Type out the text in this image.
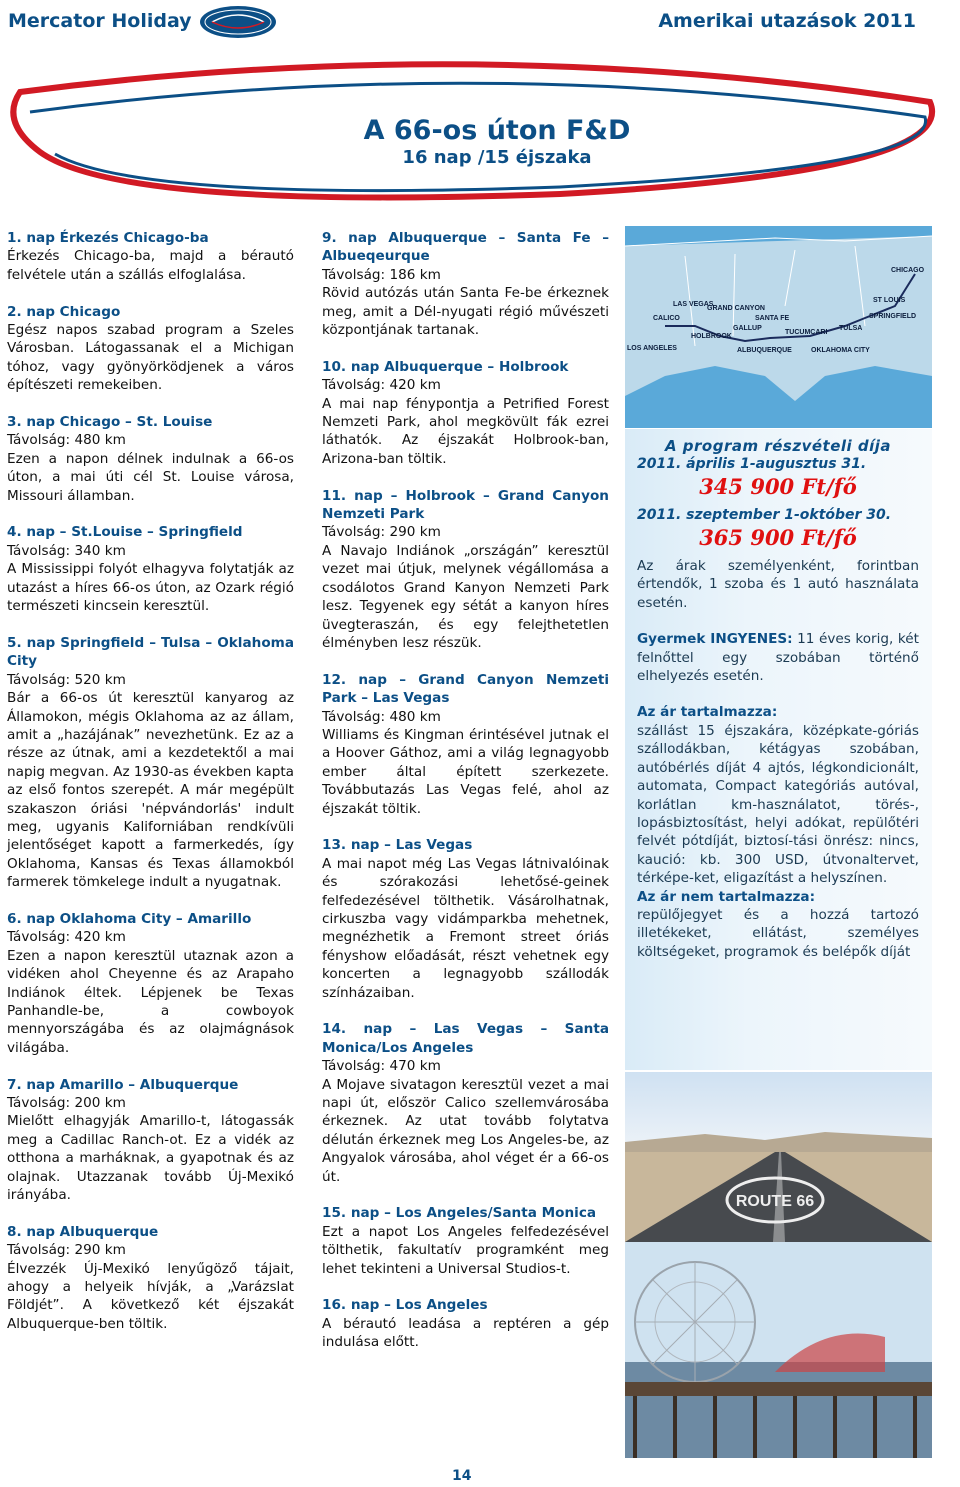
Mercator Holiday	Amerikai utazások 2011
A 66-os úton F&D
16 nap /15 éjszaka
1. nap Érkezés Chicago-ba

Érkezés Chicago-ba, majd a bérautó felvétele után a szállás elfoglalása.

2. nap Chicago

Egész napos szabad program a Szeles Városban. Látogassanak el a Michigan tóhoz, vagy gyönyörködjenek a város építészeti remekeiben.

3. nap Chicago – St. Louise

Távolság: 480 km

Ezen a napon délnek indulnak a 66-os úton, a mai úti cél St. Louise városa, Missouri államban.

4. nap – St.Louise – Springfield

Távolság: 340 km

A Mississippi folyót elhagyva folytatják az utazást a híres 66-os úton, az Ozark régió természeti kincsein keresztül.

5. nap Springfield – Tulsa – Oklahoma City

Távolság: 520 km

Bár a 66-os út keresztül kanyarog az Államokon, mégis Oklahoma az az állam, amit a „hazájának” nevezhetünk. Ez az a része az útnak, ami a kezdetektől a mai napig megvan. Az 1930-as években kapta az első fontos szerepét. A már megépült szakaszon óriási 'népvándorlás' indult meg, ugyanis Kaliforniában rendkívüli jelentőséget kapott a farmerkedés, így Oklahoma, Kansas és Texas államokból farmerek tömkelege indult a nyugatnak.

6. nap Oklahoma City – Amarillo

Távolság: 420 km

Ezen a napon keresztül utaznak azon a vidéken ahol Cheyenne és az Arapaho Indiánok éltek. Lépjenek be Texas Panhandle-be, a cowboyok mennyországába és az olajmágnások világába.

7. nap Amarillo – Albuquerque

Távolság: 200 km

Mielőtt elhagyják Amarillo-t, látogassák meg a Cadillac Ranch-ot. Ez a vidék az otthona a marháknak, a gyapotnak és az olajnak. Utazzanak tovább Új-Mexikó irányába.

8. nap Albuquerque

Távolság: 290 km

Élvezzék Új-Mexikó lenyűgöző tájait, ahogy a helyeik hívják, a „Varázslat Földjét”. A következő két éjszakát Albuquerque-ben töltik.

9. nap Albuquerque – Santa Fe – Albueqeurque

Távolság: 186 km

Rövid autózás után Santa Fe-be érkeznek meg, amit a Dél-nyugati régió művészeti központjának tartanak.

10. nap Albuquerque – Holbrook

Távolság: 420 km

A mai nap fénypontja a Petrified Forest Nemzeti Park, ahol megkövült fák ezrei láthatók. Az éjszakát Holbrook-ban, Arizona-ban töltik.

11. nap – Holbrook – Grand Canyon Nemzeti Park

Távolság: 290 km

A Navajo Indiánok „országán” keresztül vezet mai útjuk, melynek végállomása a csodálotos Grand Kanyon Nemzeti Park lesz. Tegyenek egy sétát a kanyon híres üvegteraszán, és egy felejthetetlen élményben lesz részük.

12. nap – Grand Canyon Nemzeti Park – Las Vegas

Távolság: 480 km

Williams és Kingman érintésével jutnak el a Hoover Gáthoz, ami a világ legnagyobb ember által épített szerkezete. Továbbutazás Las Vegas felé, ahol az éjszakát töltik.

13. nap – Las Vegas

A mai napot még Las Vegas látnivalóinak és szórakozási lehetősé-geinek felfedezésével tölthetik. Vásárolhatnak, cirkuszba vagy vidámparkba mehetnek, megnézhetik a Fremont street óriás fényshow előadását, részt vehetnek egy koncerten a legnagyobb szállodák színházaiban.

14. nap – Las Vegas – Santa Monica/Los Angeles

Távolság: 470 km

A Mojave sivatagon keresztül vezet a mai napi út, először Calico szellemvárosába érkeznek. Az utat tovább folytatva délután érkeznek meg Los Angeles-be, az Angyalok városába, ahol véget ér a 66-os út.

15. nap – Los Angeles/Santa Monica

Ezt a napot Los Angeles felfedezésével tölthetik, fakultatív programként meg lehet tekinteni a Universal Studios-t.

16. nap – Los Angeles

A bérautó leadása a reptéren a gép indulása előtt.

CHICAGO
ST LOUIS
SPRINGFIELD
TULSA
OKLAHOMA CITY
TUCUMCARI
ALBUQUERQUE
SANTA FE
GALLUP
HOLBROOK
GRAND CANYON
LAS VEGAS
CALICO
LOS ANGELES
A program részvételi díja
2011. április 1-augusztus 31.
345 900 Ft/fő
2011. szeptember 1-október 30.
365 900 Ft/fő

Az árak személyenként, forintban értendők, 1 szoba és 1 autó használata esetén.

Gyermek INGYENES: 11 éves korig, két felnőttel egy szobában történő elhelyezés esetén.

Az ár tartalmazza:

szállást 15 éjszakára, középkate-góriás szállodákban, kétágyas szobában, autóbérlés díját 4 ajtós, légkondicionált, automata, Compact kategóriás autóval, korlátlan km-használatot, törés-, lopásbiztosítást, helyi adókat, repülőtéri felvét pótdíját, biztosí-tási önrész: nincs, kaució: kb. 300 USD, útvonaltervet, térképe-ket, eligazítást a helyszínen.

Az ár nem tartalmazza:

repülőjegyet és a hozzá tartozó illetékeket, ellátást, személyes költségeket, programok és belépők díját

ROUTE 66
14
